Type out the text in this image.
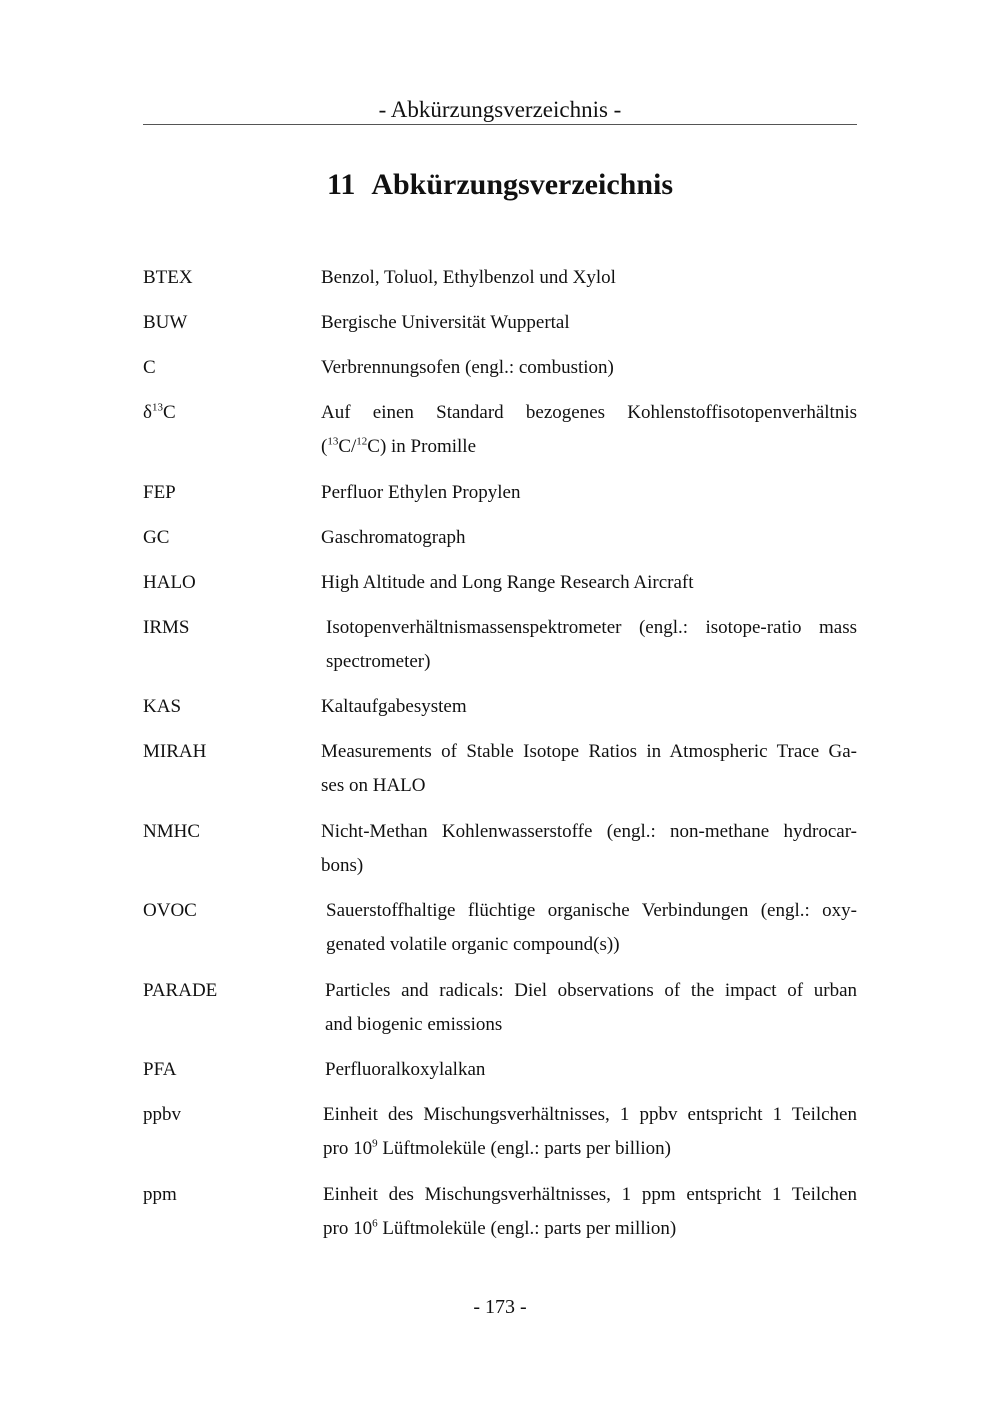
- Abkürzungsverzeichnis -
11 Abkürzungsverzeichnis
BTEX	Benzol, Toluol, Ethylbenzol und Xylol
BUW	Bergische Universität Wuppertal
C	Verbrennungsofen (engl.: combustion)
$\delta^{13}C$	Auf einen Standard bezogenes Kohlenstoffisotopenverhältnis
($^{13}$C/$^{12}$C) in Promille
FEP	Perfluor Ethylen Propylen
GC	Gaschromatograph
HALO	High Altitude and Long Range Research Aircraft
IRMS	Isotopenverhältnismassenspektrometer (engl.: isotope-ratio mass
spectrometer)
KAS	Kaltaufgabesystem
MIRAH	Measurements of Stable Isotope Ratios in Atmospheric Trace Ga-
ses on HALO
NMHC	Nicht-Methan Kohlenwasserstoffe (engl.: non-methane hydrocar-
bons)
OVOC	Sauerstoffhaltige flüchtige organische Verbindungen (engl.: oxy-
genated volatile organic compound(s))
PARADE	Particles and radicals: Diel observations of the impact of urban
and biogenic emissions
PFA	Perfluoralkoxylalkan
ppbv	Einheit des Mischungsverhältnisses, 1 ppbv entspricht 1 Teilchen
pro $10^9$ Lüftmoleküle (engl.: parts per billion)
ppm	Einheit des Mischungsverhältnisses, 1 ppm entspricht 1 Teilchen
pro $10^6$ Lüftmoleküle (engl.: parts per million)
- 173 -
